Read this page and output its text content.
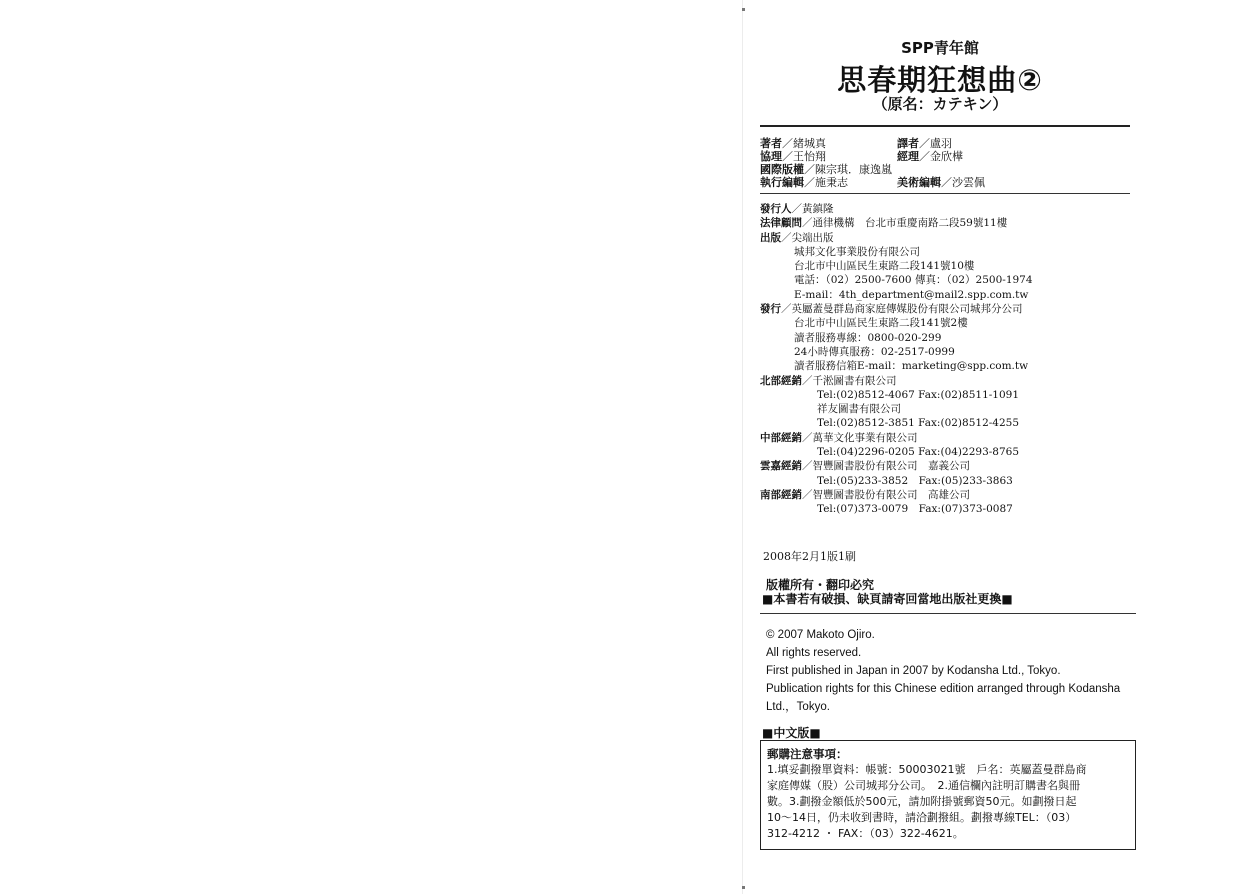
SPP青年館
思春期狂想曲②
（原名：カテキン）
著者／緒城真	譯者／盧羽
協理／王怡翔	經理／金欣樺
國際版權／陳宗琪．康逸嵐
執行編輯／施秉志	美術編輯／沙雲佩
發行人／黃鎮隆
法律顧問／通律機構　台北市重慶南路二段59號11樓
出版／尖端出版
城邦文化事業股份有限公司
台北市中山區民生東路二段141號10樓
電話：（02）2500-7600 傳真：（02）2500-1974
E-mail：4th_department@mail2.spp.com.tw
發行／英屬蓋曼群島商家庭傳媒股份有限公司城邦分公司
台北市中山區民生東路二段141號2樓
讀者服務專線：0800-020-299
24小時傳真服務：02-2517-0999
讀者服務信箱E-mail：marketing@spp.com.tw
北部經銷／千淞圖書有限公司
Tel:(02)8512-4067 Fax:(02)8511-1091
祥友圖書有限公司
Tel:(02)8512-3851 Fax:(02)8512-4255
中部經銷／萬華文化事業有限公司
Tel:(04)2296-0205 Fax:(04)2293-8765
雲嘉經銷／智豐圖書股份有限公司　嘉義公司
Tel:(05)233-3852　Fax:(05)233-3863
南部經銷／智豐圖書股份有限公司　高雄公司
Tel:(07)373-0079　Fax:(07)373-0087
2008年2月1版1刷
版權所有・翻印必究
■本書若有破損、缺頁請寄回當地出版社更換■
© 2007 Makoto Ojiro.
All rights reserved.
First published in Japan in 2007 by Kodansha Ltd., Tokyo.
Publication rights for this Chinese edition arranged through Kodansha
Ltd.，Tokyo.
■中文版■
郵購注意事項：
1.填妥劃撥單資料：帳號：50003021號　戶名：英屬蓋曼群島商
家庭傳媒（股）公司城邦分公司。　2.通信欄內註明訂購書名與冊
數。3.劃撥金額低於500元，請加附掛號郵資50元。如劃撥日起
10～14日，仍未收到書時，請洽劃撥組。劃撥專線TEL：（03）
312-4212 ・ FAX：（03）322-4621。
